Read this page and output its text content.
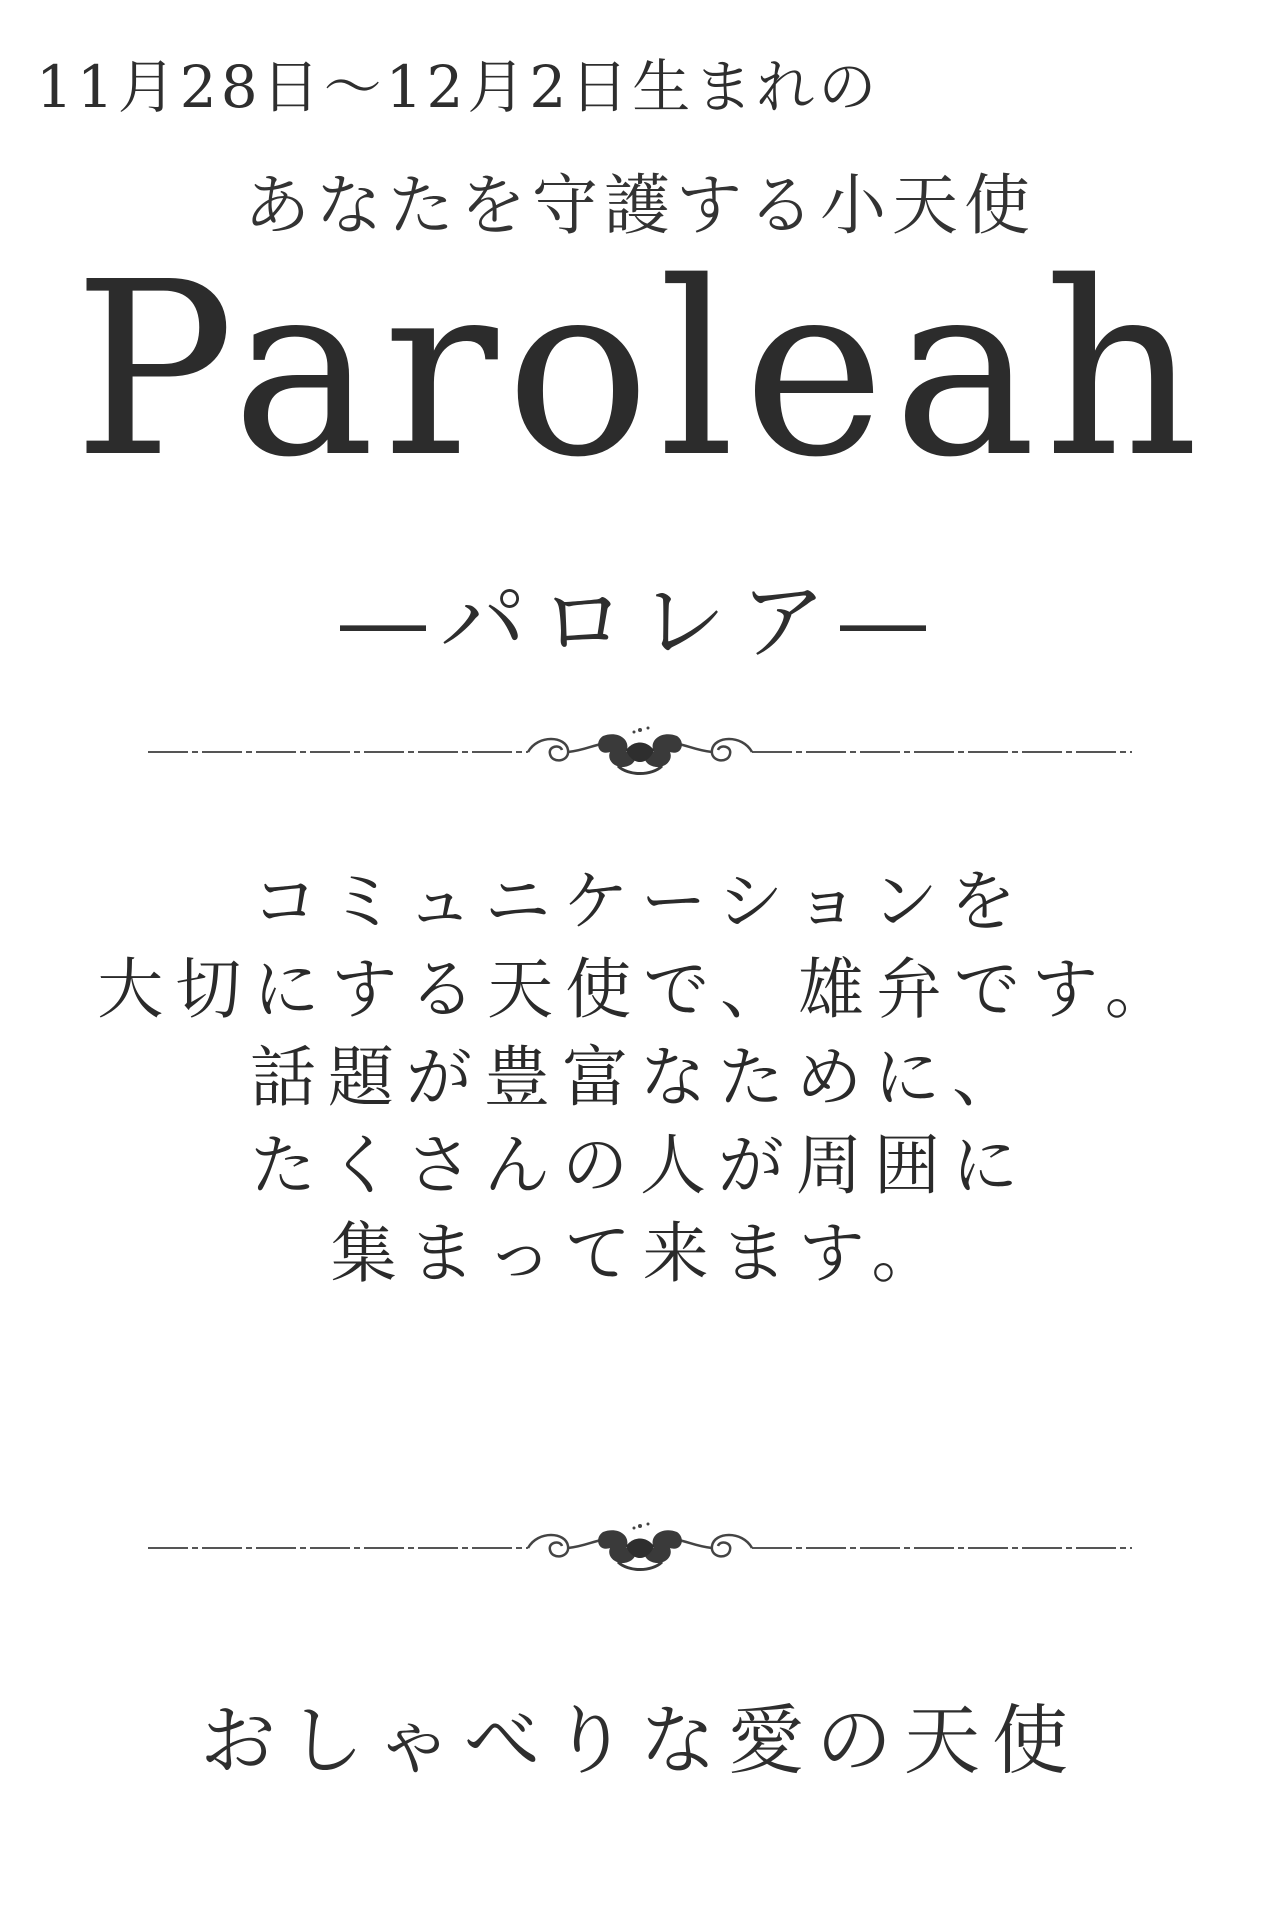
11月28日～12月2日生まれの
あなたを守護する小天使
Paroleah
―パロレア―
コミュニケーションを
大切にする天使で、雄弁です。
話題が豊富なために、
たくさんの人が周囲に
集まって来ます。
おしゃべりな愛の天使
